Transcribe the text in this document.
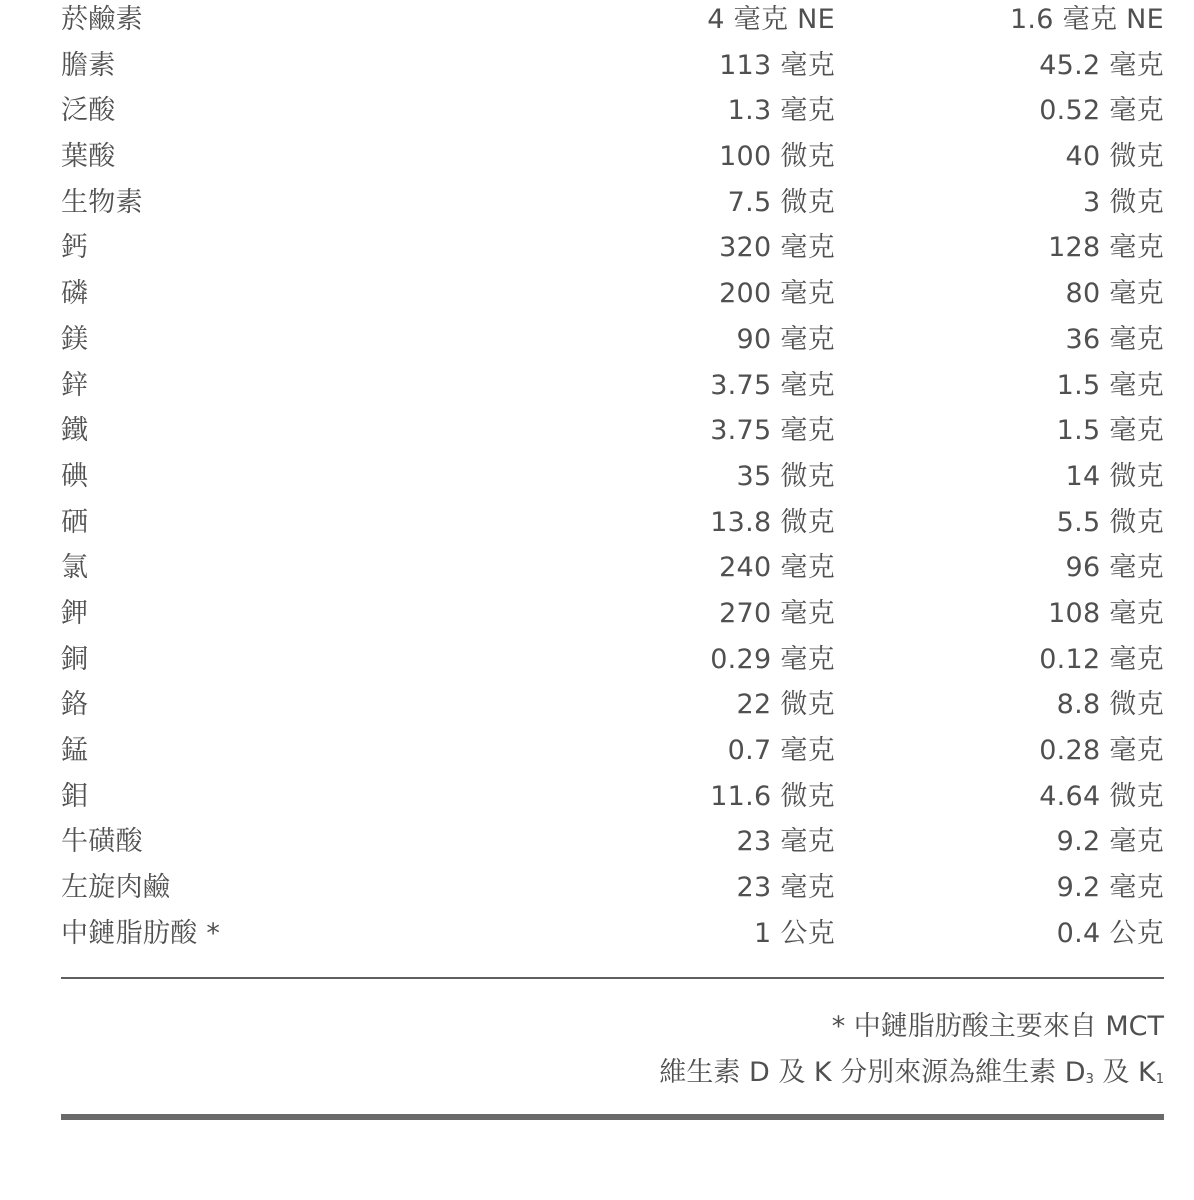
菸鹼素	4 毫克 NE	1.6 毫克 NE
膽素	113 毫克	45.2 毫克
泛酸	1.3 毫克	0.52 毫克
葉酸	100 微克	40 微克
生物素	7.5 微克	3 微克
鈣	320 毫克	128 毫克
磷	200 毫克	80 毫克
鎂	90 毫克	36 毫克
鋅	3.75 毫克	1.5 毫克
鐵	3.75 毫克	1.5 毫克
碘	35 微克	14 微克
硒	13.8 微克	5.5 微克
氯	240 毫克	96 毫克
鉀	270 毫克	108 毫克
銅	0.29 毫克	0.12 毫克
鉻	22 微克	8.8 微克
錳	0.7 毫克	0.28 毫克
鉬	11.6 微克	4.64 微克
牛磺酸	23 毫克	9.2 毫克
左旋肉鹼	23 毫克	9.2 毫克
中鏈脂肪酸 *	1 公克	0.4 公克
* 中鏈脂肪酸主要來自 MCT
維生素 D 及 K 分別來源為維生素 $D_3$ 及 $K_1$
